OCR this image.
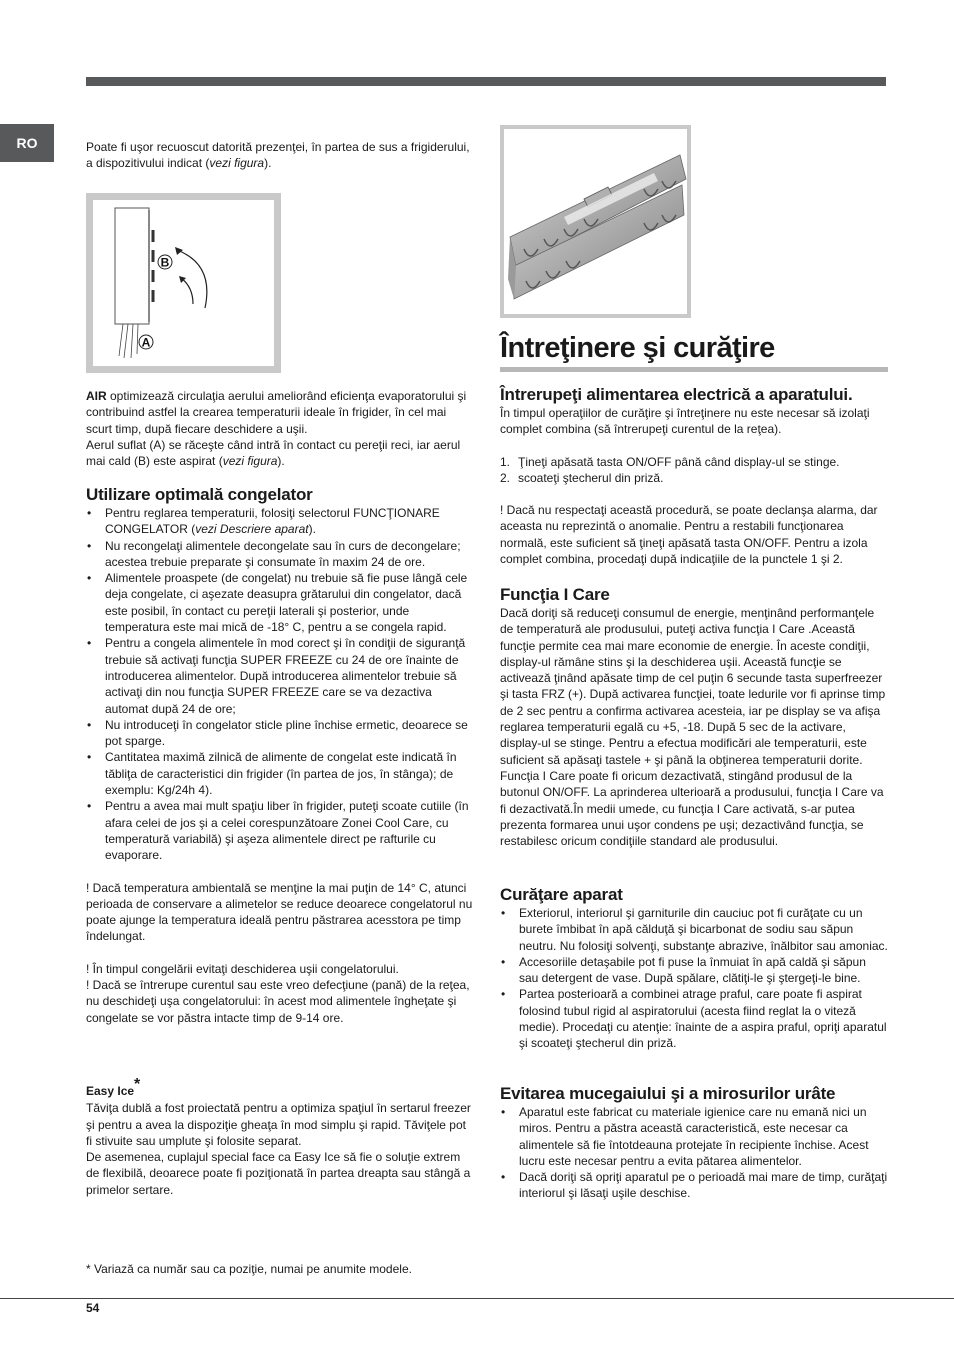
RO	Poate fi uşor recuoscut datorită prezenţei, în partea de sus a frigiderului, a dispozitivului indicat (vezi figura).

B
A

AIR optimizează circulaţia aerului ameliorând eficienţa evaporatorului şi contribuind astfel la crearea temperaturii ideale în frigider, în cel mai scurt timp, după fiecare deschidere a uşii.

Aerul suflat (A) se răceşte când intră în contact cu pereţii reci, iar aerul mai cald (B) este aspirat (vezi figura).

Utilizare optimală congelator
• Pentru reglarea temperaturii, folosiţi selectorul FUNCŢIONARE CONGELATOR (vezi Descriere aparat).
• Nu recongelaţi alimentele decongelate sau în curs de decongelare; acestea trebuie preparate şi consumate în maxim 24 de ore.
• Alimentele proaspete (de congelat) nu trebuie să fie puse lângă cele deja congelate, ci aşezate deasupra grătarului din congelator, dacă este posibil, în contact cu pereţii laterali şi posterior, unde temperatura este mai mică de -18° C, pentru a se congela rapid.
• Pentru a congela alimentele în mod corect şi în condiţii de siguranţă trebuie să activaţi funcţia SUPER FREEZE cu 24 de ore înainte de introducerea alimentelor. După introducerea alimentelor trebuie să activaţi din nou funcţia SUPER FREEZE care se va dezactiva automat după 24 de ore;
• Nu introduceţi în congelator sticle pline închise ermetic, deoarece se pot sparge.
• Cantitatea maximă zilnică de alimente de congelat este indicată în tăbliţa de caracteristici din frigider (în partea de jos, în stânga); de exemplu: Kg/24h 4).
• Pentru a avea mai mult spaţiu liber în frigider, puteţi scoate cutiile (în afara celei de jos şi a celei corespunzătoare Zonei Cool Care, cu temperatură variabilă) şi aşeza alimentele direct pe rafturile cu evaporare.

! Dacă temperatura ambientală se menţine la mai puţin de 14° C, atunci perioada de conservare a alimetelor se reduce deoarece congelatorul nu poate ajunge la temperatura ideală pentru păstrarea acesstora pe timp îndelungat.

! În timpul congelării evitaţi deschiderea uşii congelatorului.

! Dacă se întrerupe curentul sau este vreo defecţiune (pană) de la reţea, nu deschideţi uşa congelatorului: în acest mod alimentele îngheţate şi congelate se vor păstra intacte timp de 9-14 ore.

Easy Ice*

Tăviţa dublă a fost proiectată pentru a optimiza spaţiul în sertarul freezer şi pentru a avea la dispoziţie gheaţa în mod simplu şi rapid. Tăviţele pot fi stivuite sau umplute şi folosite separat.

De asemenea, cuplajul special face ca Easy Ice să fie o soluţie extrem de flexibilă, deoarece poate fi poziţionată în partea dreapta sau stângă a primelor sertare.

* Variază ca număr sau ca poziţie, numai pe anumite modele.
Întreţinere şi curăţire
Întrerupeţi alimentarea electrică a aparatului.

În timpul operaţiilor de curăţire şi întreţinere nu este necesar să izolaţi complet combina (să întrerupeţi curentul de la reţea).

1. Ţineţi apăsată tasta ON/OFF până când display-ul se stinge.
2. scoateţi ştecherul din priză.

! Dacă nu respectaţi această procedură, se poate declanşa alarma, dar aceasta nu reprezintă o anomalie. Pentru a restabili funcţionarea normală, este suficient să ţineţi apăsată tasta ON/OFF. Pentru a izola complet combina, procedaţi după indicaţiile de la punctele 1 şi 2.

Funcţia I Care

Dacă doriţi să reduceţi consumul de energie, menţinând performanţele de temperatură ale produsului, puteţi activa funcţia I Care .Această funcţie permite cea mai mare economie de energie. În aceste condiţii, display-ul rămâne stins şi la deschiderea uşii. Această funcţie se activează ţinând apăsate timp de cel puţin 6 secunde tasta superfreezer şi tasta FRZ (+). După activarea funcţiei, toate ledurile vor fi aprinse timp de 2 sec pentru a confirma activarea acesteia, iar pe display se va afişa reglarea temperaturii egală cu +5, -18. După 5 sec de la activare, display-ul se stinge. Pentru a efectua modificări ale temperaturii, este suficient să apăsaţi tastele + şi până la obţinerea temperaturii dorite. Funcţia I Care poate fi oricum dezactivată, stingând produsul de la butonul ON/OFF. La aprinderea ulterioară a produsului, funcţia I Care va fi dezactivată.În medii umede, cu funcţia I Care activată, s-ar putea prezenta formarea unui uşor condens pe uşi; dezactivând funcţia, se restabilesc oricum condiţiile standard ale produsului.

Curăţare aparat
• Exteriorul, interiorul şi garniturile din cauciuc pot fi curăţate cu un burete îmbibat în apă călduţă şi bicarbonat de sodiu sau săpun neutru. Nu folosiţi solvenţi, substanţe abrazive, înălbitor sau amoniac.
• Accesoriile detaşabile pot fi puse la înmuiat în apă caldă şi săpun sau detergent de vase. După spălare, clătiţi-le şi ştergeţi-le bine.
• Partea posterioară a combinei atrage praful, care poate fi aspirat folosind tubul rigid al aspiratorului (acesta fiind reglat la o viteză medie). Procedaţi cu atenţie: înainte de a aspira praful, opriţi aparatul şi scoateţi ştecherul din priză.
Evitarea mucegaiului şi a mirosurilor urâte
• Aparatul este fabricat cu materiale igienice care nu emană nici un miros. Pentru a păstra această caracteristică, este necesar ca alimentele să fie întotdeauna protejate în recipiente închise. Acest lucru este necesar pentru a evita pătarea alimentelor.
• Dacă doriţi să opriţi aparatul pe o perioadă mai mare de timp, curăţaţi interiorul şi lăsaţi uşile deschise.
54
